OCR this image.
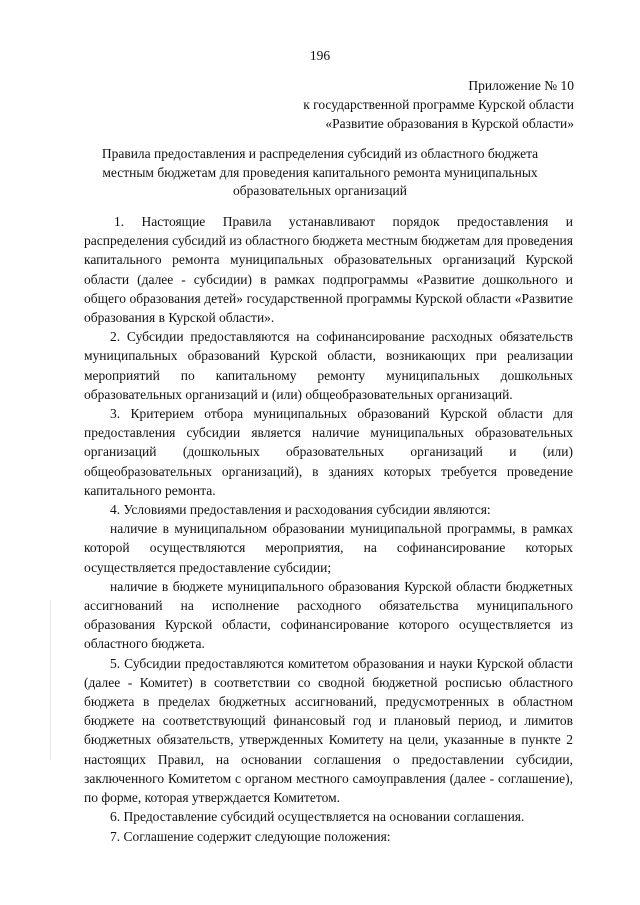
196
Приложение № 10
к государственной программе Курской области
«Развитие образования в Курской области»
Правила предоставления и распределения субсидий из областного бюджета
местным бюджетам для проведения капитального ремонта муниципальных
образовательных организаций

1. Настоящие Правила устанавливают порядок предоставления и распределения субсидий из областного бюджета местным бюджетам для проведения капитального ремонта муниципальных образовательных организаций Курской области (далее - субсидии) в рамках подпрограммы «Развитие дошкольного и общего образования детей» государственной программы Курской области «Развитие образования в Курской области».

2. Субсидии предоставляются на софинансирование расходных обязательств муниципальных образований Курской области, возникающих при реализации мероприятий по капитальному ремонту муниципальных дошкольных образовательных организаций и (или) общеобразовательных организаций.

3. Критерием отбора муниципальных образований Курской области для предоставления субсидии является наличие муниципальных образовательных организаций (дошкольных образовательных организаций и (или) общеобразовательных организаций), в зданиях которых требуется проведение капитального ремонта.

4. Условиями предоставления и расходования субсидии являются:

наличие в муниципальном образовании муниципальной программы, в рамках которой осуществляются мероприятия, на софинансирование которых осуществляется предоставление субсидии;

наличие в бюджете муниципального образования Курской области бюджетных ассигнований на исполнение расходного обязательства муниципального образования Курской области, софинансирование которого осуществляется из областного бюджета.

5. Субсидии предоставляются комитетом образования и науки Курской области (далее - Комитет) в соответствии со сводной бюджетной росписью областного бюджета в пределах бюджетных ассигнований, предусмотренных в областном бюджете на соответствующий финансовый год и плановый период, и лимитов бюджетных обязательств, утвержденных Комитету на цели, указанные в пункте 2 настоящих Правил, на основании соглашения о предоставлении субсидии, заключенного Комитетом с органом местного самоуправления (далее - соглашение), по форме, которая утверждается Комитетом.

6. Предоставление субсидий осуществляется на основании соглашения.

7. Соглашение содержит следующие положения:
